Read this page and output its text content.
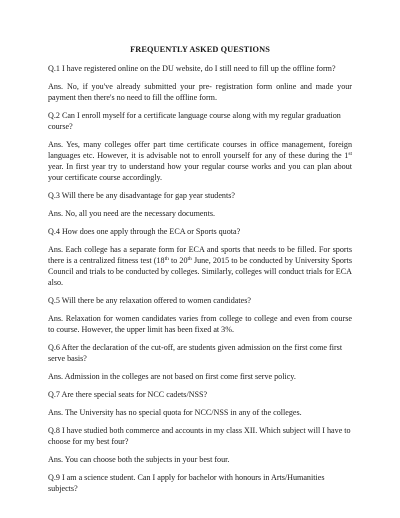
FREQUENTLY ASKED QUESTIONS

Q.1 I have registered online on the DU website, do I still need to fill up the offline form?

Ans. No, if you've already submitted your pre- registration form online and made your payment then there's no need to fill the offline form.

Q.2 Can I enroll myself for a certificate language course along with my regular graduation course?

Ans. Yes, many colleges offer part time certificate courses in office management, foreign languages etc. However, it is advisable not to enroll yourself for any of these during the 1st year. In first year try to understand how your regular course works and you can plan about your certificate course accordingly.

Q.3 Will there be any disadvantage for gap year students?

Ans. No, all you need are the necessary documents.

Q.4 How does one apply through the ECA or Sports quota?

Ans. Each college has a separate form for ECA and sports that needs to be filled. For sports there is a centralized fitness test (18th to 20th June, 2015 to be conducted by University Sports Council and trials to be conducted by colleges. Similarly, colleges will conduct trials for ECA also.

Q.5 Will there be any relaxation offered to women candidates?

Ans. Relaxation for women candidates varies from college to college and even from course to course. However, the upper limit has been fixed at 3%.

Q.6 After the declaration of the cut-off, are students given admission on the first come first serve basis?

Ans. Admission in the colleges are not based on first come first serve policy.

Q.7 Are there special seats for NCC cadets/NSS?

Ans. The University has no special quota for NCC/NSS in any of the colleges.

Q.8 I have studied both commerce and accounts in my class XII. Which subject will I have to choose for my best four?

Ans. You can choose both the subjects in your best four.

Q.9 I am a science student. Can I apply for bachelor with honours in Arts/Humanities subjects?
